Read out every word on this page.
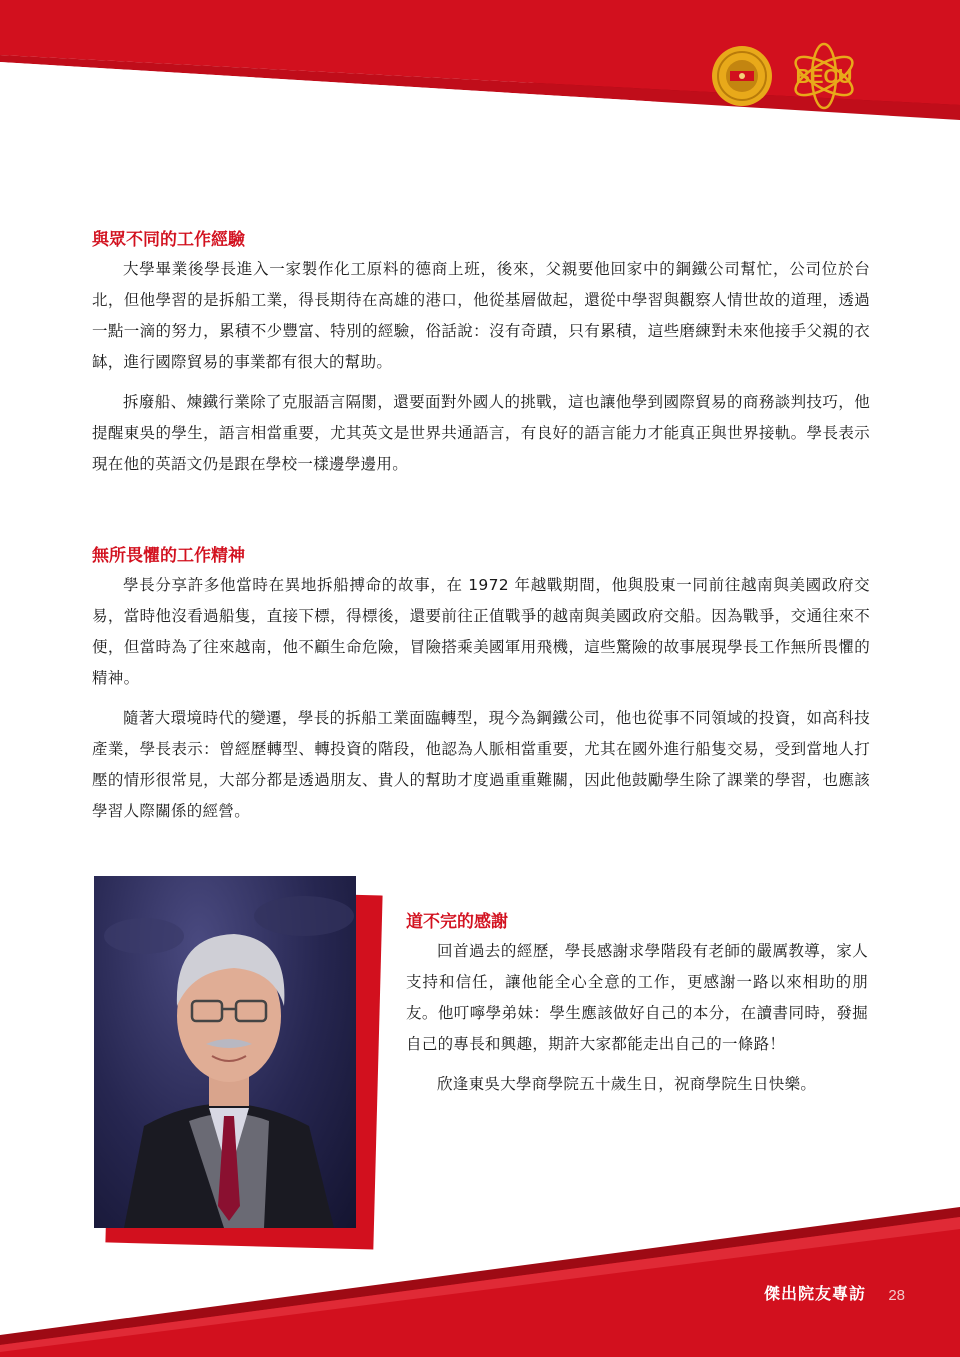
BECU
與眾不同的工作經驗

大學畢業後學長進入一家製作化工原料的德商上班，後來，父親要他回家中的鋼鐵公司幫忙，公司位於台北，但他學習的是拆船工業，得長期待在高雄的港口，他從基層做起，還從中學習與觀察人情世故的道理，透過一點一滴的努力，累積不少豐富、特別的經驗，俗話說：沒有奇蹟，只有累積，這些磨練對未來他接手父親的衣缽，進行國際貿易的事業都有很大的幫助。

拆廢船、煉鐵行業除了克服語言隔閡，還要面對外國人的挑戰，這也讓他學到國際貿易的商務談判技巧，他提醒東吳的學生，語言相當重要，尤其英文是世界共通語言，有良好的語言能力才能真正與世界接軌。學長表示現在他的英語文仍是跟在學校一樣邊學邊用。

無所畏懼的工作精神

學長分享許多他當時在異地拆船搏命的故事，在 1972 年越戰期間，他與股東一同前往越南與美國政府交易，當時他沒看過船隻，直接下標，得標後，還要前往正值戰爭的越南與美國政府交船。因為戰爭，交通往來不便，但當時為了往來越南，他不顧生命危險，冒險搭乘美國軍用飛機，這些驚險的故事展現學長工作無所畏懼的精神。

隨著大環境時代的變遷，學長的拆船工業面臨轉型，現今為鋼鐵公司，他也從事不同領域的投資，如高科技產業，學長表示：曾經歷轉型、轉投資的階段，他認為人脈相當重要，尤其在國外進行船隻交易，受到當地人打壓的情形很常見，大部分都是透過朋友、貴人的幫助才度過重重難關，因此他鼓勵學生除了課業的學習，也應該學習人際關係的經營。

道不完的感謝

回首過去的經歷，學長感謝求學階段有老師的嚴厲教導，家人支持和信任，讓他能全心全意的工作，更感謝一路以來相助的朋友。他叮嚀學弟妹：學生應該做好自己的本分，在讀書同時，發掘自己的專長和興趣，期許大家都能走出自己的一條路！

欣逢東吳大學商學院五十歲生日，祝商學院生日快樂。

傑出院友專訪 28
